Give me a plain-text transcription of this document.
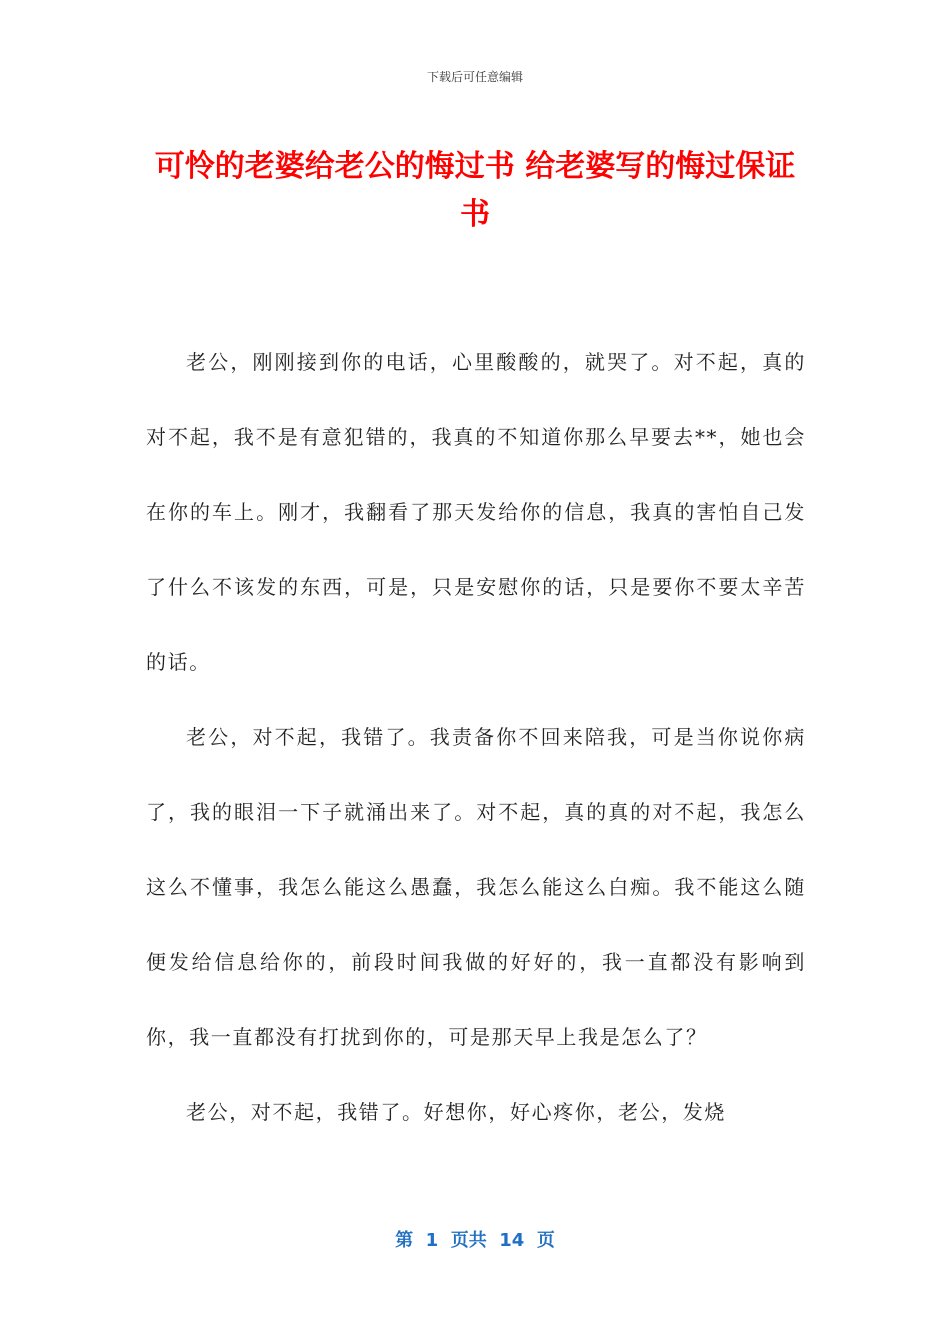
下载后可任意编辑
可怜的老婆给老公的悔过书 给老婆写的悔过保证书

老公，刚刚接到你的电话，心里酸酸的，就哭了。对不起，真的对不起，我不是有意犯错的，我真的不知道你那么早要去**，她也会在你的车上。刚才，我翻看了那天发给你的信息，我真的害怕自己发了什么不该发的东西，可是，只是安慰你的话，只是要你不要太辛苦的话。

老公，对不起，我错了。我责备你不回来陪我，可是当你说你病了，我的眼泪一下子就涌出来了。对不起，真的真的对不起，我怎么这么不懂事，我怎么能这么愚蠢，我怎么能这么白痴。我不能这么随便发给信息给你的，前段时间我做的好好的，我一直都没有影响到你，我一直都没有打扰到你的，可是那天早上我是怎么了？

老公，对不起，我错了。好想你，好心疼你，老公，发烧

第  1  页共  14  页
